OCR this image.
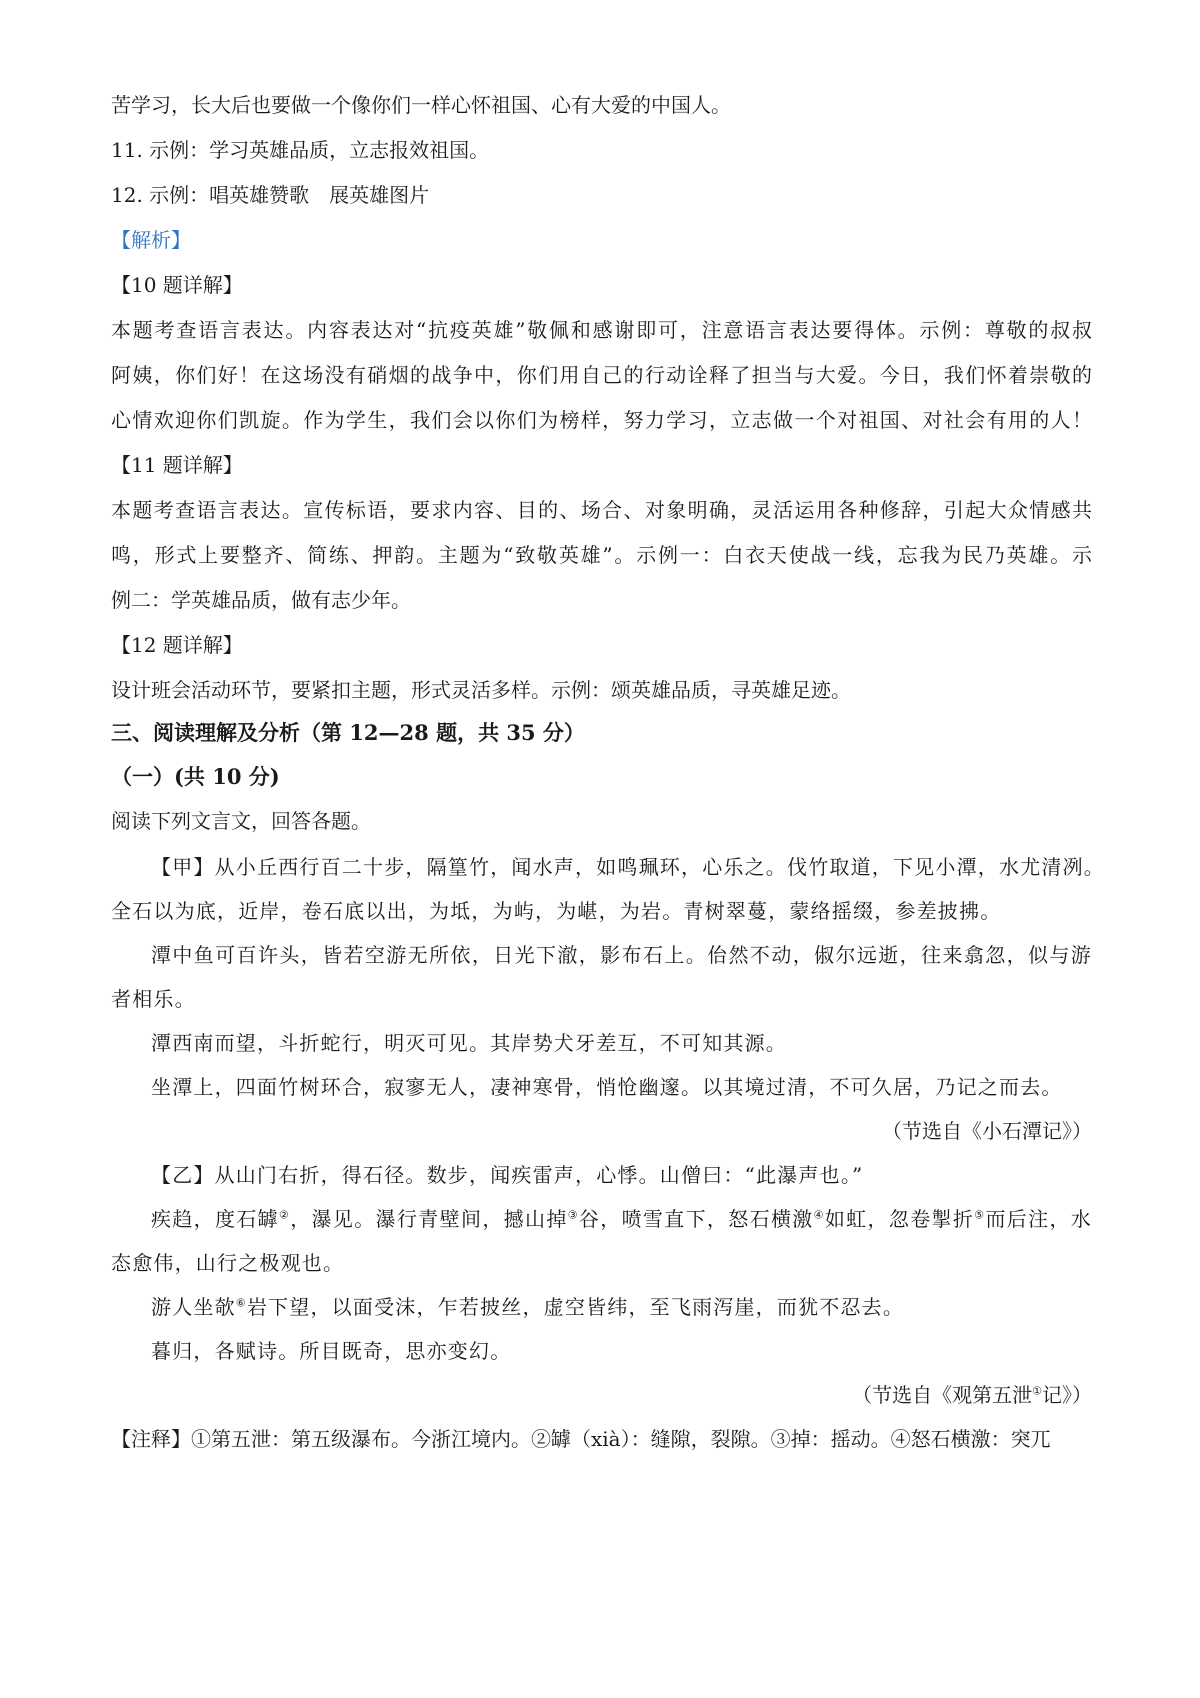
苦学习，长大后也要做一个像你们一样心怀祖国、心有大爱的中国人。
11. 示例：学习英雄品质，立志报效祖国。
12. 示例：唱英雄赞歌　展英雄图片
【解析】
【10 题详解】
本题考查语言表达。内容表达对“抗疫英雄”敬佩和感谢即可，注意语言表达要得体。示例：尊敬的叔叔
阿姨，你们好！在这场没有硝烟的战争中，你们用自己的行动诠释了担当与大爱。今日，我们怀着崇敬的
心情欢迎你们凯旋。作为学生，我们会以你们为榜样，努力学习，立志做一个对祖国、对社会有用的人！
【11 题详解】
本题考查语言表达。宣传标语，要求内容、目的、场合、对象明确，灵活运用各种修辞，引起大众情感共
鸣，形式上要整齐、简练、押韵。主题为“致敬英雄”。示例一：白衣天使战一线，忘我为民乃英雄。示
例二：学英雄品质，做有志少年。
【12 题详解】
设计班会活动环节，要紧扣主题，形式灵活多样。示例：颂英雄品质，寻英雄足迹。
三、阅读理解及分析（第 12—28 题，共 35 分）
（一）(共 10 分)
阅读下列文言文，回答各题。
【甲】从小丘西行百二十步，隔篁竹，闻水声，如鸣珮环，心乐之。伐竹取道，下见小潭，水尤清冽。
全石以为底，近岸，卷石底以出，为坻，为屿，为嵁，为岩。青树翠蔓，蒙络摇缀，参差披拂。
潭中鱼可百许头，皆若空游无所依，日光下澈，影布石上。佁然不动，俶尔远逝，往来翕忽，似与游
者相乐。
潭西南而望，斗折蛇行，明灭可见。其岸势犬牙差互，不可知其源。
坐潭上，四面竹树环合，寂寥无人，凄神寒骨，悄怆幽邃。以其境过清，不可久居，乃记之而去。
（节选自《小石潭记》）
【乙】从山门右折，得石径。数步，闻疾雷声，心悸。山僧曰：“此瀑声也。”
疾趋，度石罅②，瀑见。瀑行青壁间，撼山掉③谷，喷雪直下，怒石横激④如虹，忽卷掣折⑤而后注，水
态愈伟，山行之极观也。
游人坐欹⑥岩下望，以面受沫，乍若披丝，虚空皆纬，至飞雨泻崖，而犹不忍去。
暮归，各赋诗。所目既奇，思亦变幻。
（节选自《观第五泄①记》）
【注释】①第五泄：第五级瀑布。今浙江境内。②罅（xià）：缝隙，裂隙。③掉：摇动。④怒石横激：突兀
